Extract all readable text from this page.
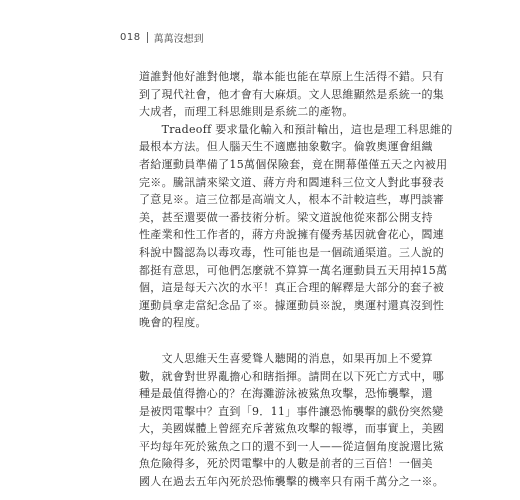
018 萬萬沒想到
道誰對他好誰對他壞，靠本能也能在草原上生活得不錯。只有
到了現代社會，他才會有大麻煩。文人思維顯然是系統一的集
大成者，而理工科思維則是系統二的產物。
　　Tradeoff 要求量化輸入和預計輸出，這也是理工科思維的
最根本方法。但人腦天生不適應抽象數字。倫敦奧運會組織
者給運動員準備了15萬個保險套，竟在開幕僅僅五天之內被用
完※。騰訊請來梁文道、蔣方舟和閻連科三位文人對此事發表
了意見※。這三位都是高端文人，根本不計較這些，專門談審
美，甚至還要做一番技術分析。梁文道說他從來都公開支持
性產業和性工作者的，蔣方舟說擁有優秀基因就會花心，閻連
科說中醫認為以毒攻毒，性可能也是一個疏通渠道。三人說的
都挺有意思，可他們怎麼就不算算一萬名運動員五天用掉15萬
個，這是每天六次的水平！真正合理的解釋是大部分的套子被
運動員拿走當紀念品了※。據運動員※說，奧運村還真沒到性
晚會的程度。
　　文人思維天生喜愛聳人聽聞的消息，如果再加上不愛算
數，就會對世界亂擔心和瞎指揮。請問在以下死亡方式中，哪
種是最值得擔心的？在海灘游泳被鯊魚攻擊，恐怖襲擊，還
是被閃電擊中？直到「9．11」事件讓恐怖襲擊的戲份突然變
大，美國媒體上曾經充斥著鯊魚攻擊的報導，而事實上，美國
平均每年死於鯊魚之口的還不到一人——從這個角度說還比鯊
魚危險得多，死於閃電擊中的人數是前者的三百倍！一個美
國人在過去五年內死於恐怖襲擊的機率只有兩千萬分之一※。
